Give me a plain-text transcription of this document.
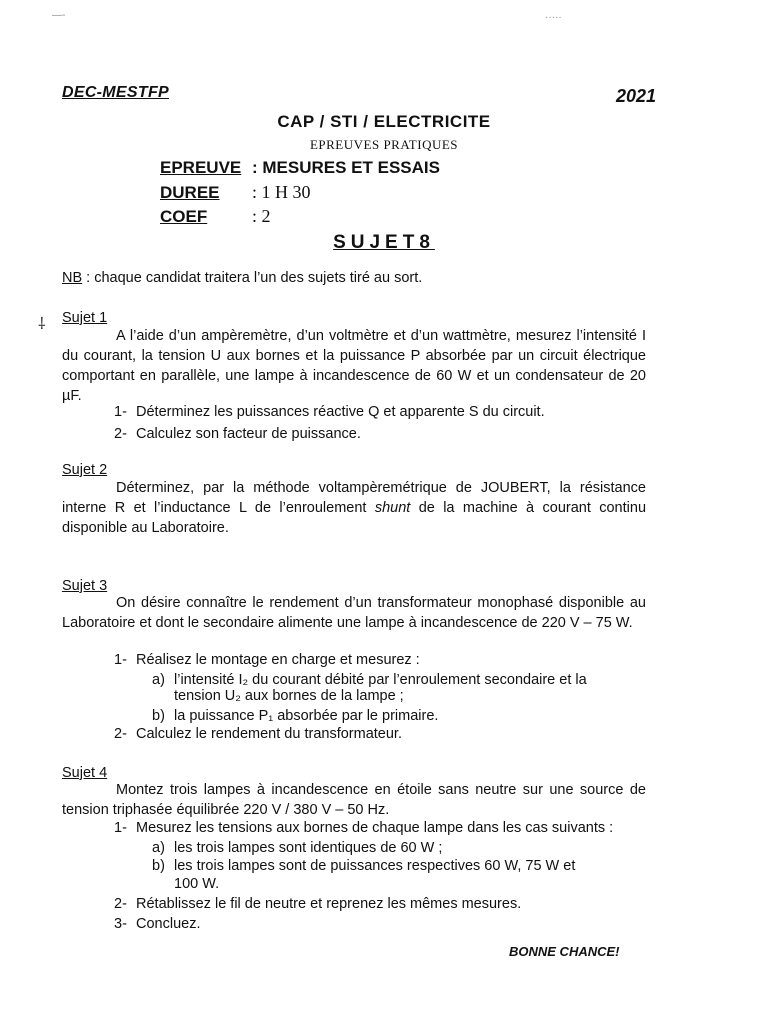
—-	·····
DEC-MESTFP	2021
CAP / STI / ELECTRICITE
EPREUVES PRATIQUES
EPREUVE : MESURES ET ESSAIS
DUREE : 1 H 30
COEF : 2
SUJET8
NB : chaque candidat traitera l’un des sujets tiré au sort.
⸸ Sujet 1
A l’aide d’un ampèremètre, d’un voltmètre et d’un wattmètre, mesurez l’intensité I du courant, la tension U aux bornes et la puissance P absorbée par un circuit électrique comportant en parallèle, une lampe à incandescence de 60 W et un condensateur de 20 µF.
1- Déterminez les puissances réactive Q et apparente S du circuit.
2- Calculez son facteur de puissance.
Sujet 2
Déterminez, par la méthode voltampèremétrique de JOUBERT, la résistance interne R et l’inductance L de l’enroulement shunt de la machine à courant continu disponible au Laboratoire.
Sujet 3
On désire connaître le rendement d’un transformateur monophasé disponible au Laboratoire et dont le secondaire alimente une lampe à incandescence de 220 V – 75 W.
1- Réalisez le montage en charge et mesurez :
a) l’intensité I₂ du courant débité par l’enroulement secondaire et la
tension U₂ aux bornes de la lampe ;
b) la puissance P₁ absorbée par le primaire.
2- Calculez le rendement du transformateur.
Sujet 4
Montez trois lampes à incandescence en étoile sans neutre sur une source de tension triphasée équilibrée 220 V / 380 V – 50 Hz.
1- Mesurez les tensions aux bornes de chaque lampe dans les cas suivants :
a) les trois lampes sont identiques de 60 W ;
b) les trois lampes sont de puissances respectives 60 W, 75 W et
100 W.
2- Rétablissez le fil de neutre et reprenez les mêmes mesures.
3- Concluez.
BONNE CHANCE!
